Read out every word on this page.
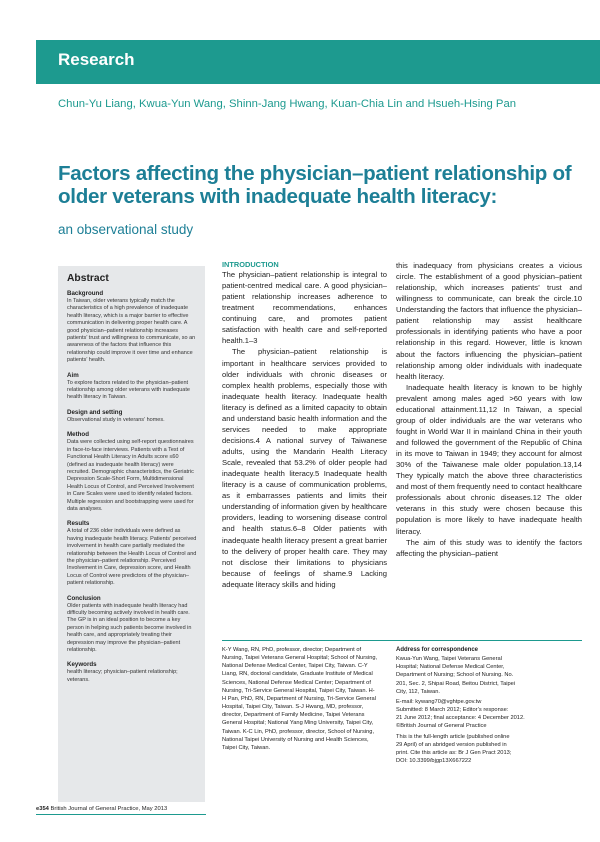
Research
Chun-Yu Liang, Kwua-Yun Wang, Shinn-Jang Hwang, Kuan-Chia Lin and Hsueh-Hsing Pan
Factors affecting the physician–patient relationship of older veterans with inadequate health literacy:
an observational study
Abstract
Background
In Taiwan, older veterans typically match the characteristics of a high prevalence of inadequate health literacy, which is a major barrier to effective communication in delivering proper health care. A good physician–patient relationship increases patients’ trust and willingness to communicate, so an awareness of the factors that influence this relationship could improve it over time and enhance patients’ health.
Aim
To explore factors related to the physician–patient relationship among older veterans with inadequate health literacy in Taiwan.
Design and setting
Observational study in veterans’ homes.
Method
Data were collected using self-report questionnaires in face-to-face interviews. Patients with a Test of Functional Health Literacy in Adults score ≤60 (defined as inadequate health literacy) were recruited. Demographic characteristics, the Geriatric Depression Scale-Short Form, Multidimensional Health Locus of Control, and Perceived Involvement in Care Scales were used to identify related factors. Multiple regression and bootstrapping were used for data analyses.
Results
A total of 236 older individuals were defined as having inadequate health literacy. Patients’ perceived involvement in health care partially mediated the relationship between the Health Locus of Control and the physician–patient relationship. Perceived Involvement in Care, depression score, and Health Locus of Control were predictors of the physician–patient relationship.
Conclusion
Older patients with inadequate health literacy had difficulty becoming actively involved in health care. The GP is in an ideal position to become a key person in helping such patients become involved in health care, and appropriately treating their depression may improve the physician–patient relationship.
Keywords
health literacy; physician–patient relationship; veterans.
INTRODUCTION

The physician–patient relationship is integral to patient-centred medical care. A good physician–patient relationship increases adherence to treatment recommendations, enhances continuing care, and promotes patient satisfaction with health care and self-reported health.1–3

The physician–patient relationship is important in healthcare services provided to older individuals with chronic diseases or complex health problems, especially those with inadequate health literacy. Inadequate health literacy is defined as a limited capacity to obtain and understand basic health information and the services needed to make appropriate decisions.4 A national survey of Taiwanese adults, using the Mandarin Health Literacy Scale, revealed that 53.2% of older people had inadequate health literacy.5 Inadequate health literacy is a cause of communication problems, as it embarrasses patients and limits their understanding of information given by healthcare providers, leading to worsening disease control and health status.6–8 Older patients with inadequate health literacy present a great barrier to the delivery of proper health care. They may not disclose their limitations to physicians because of feelings of shame.9 Lacking adequate literacy skills and hiding

this inadequacy from physicians creates a vicious circle. The establishment of a good physician–patient relationship, which increases patients’ trust and willingness to communicate, can break the circle.10 Understanding the factors that influence the physician–patient relationship may assist healthcare professionals in identifying patients who have a poor relationship in this regard. However, little is known about the factors influencing the physician–patient relationship among older individuals with inadequate health literacy.

Inadequate health literacy is known to be highly prevalent among males aged >60 years with low educational attainment.11,12 In Taiwan, a special group of older individuals are the war veterans who fought in World War II in mainland China in their youth and followed the government of the Republic of China in its move to Taiwan in 1949; they account for almost 30% of the Taiwanese male older population.13,14 They typically match the above three characteristics and most of them frequently need to contact healthcare professionals about chronic diseases.12 The older veterans in this study were chosen because this population is more likely to have inadequate health literacy.

The aim of this study was to identify the factors affecting the physician–patient

K-Y Wang, RN, PhD, professor, director; Department of Nursing, Taipei Veterans General Hospital; School of Nursing, National Defense Medical Center, Taipei City, Taiwan. C-Y Liang, RN, doctoral candidate, Graduate Institute of Medical Sciences, National Defense Medical Center; Department of Nursing, Tri-Service General Hospital, Taipei City, Taiwan. H-H Pan, PhD, RN, Department of Nursing, Tri-Service General Hospital, Taipei City, Taiwan. S-J Hwang, MD, professor, director, Department of Family Medicine, Taipei Veterans General Hospital; National Yang Ming University, Taipei City, Taiwan. K-C Lin, PhD, professor, director, School of Nursing, National Taipei University of Nursing and Health Sciences, Taipei City, Taiwan.
Address for correspondence
Kwua-Yun Wang, Taipei Veterans General
Hospital; National Defense Medical Center,
Department of Nursing; School of Nursing. No.
201, Sec. 2, Shipai Road, Beitou District, Taipei
City, 112, Taiwan.
E-mail: kywang70@vghtpe.gov.tw
Submitted: 8 March 2012; Editor’s response:
21 June 2012; final acceptance: 4 December 2012.
©British Journal of General Practice
This is the full-length article (published online
29 April) of an abridged version published in
print. Cite this article as: Br J Gen Pract 2013;
DOI: 10.3399/bjgp13X667222
e354 British Journal of General Practice, May 2013
